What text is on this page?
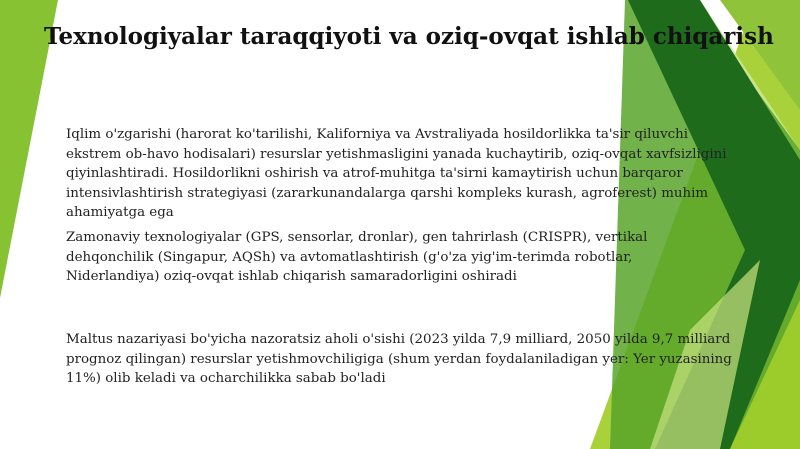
Texnologiyalar taraqqiyoti va oziq-ovqat ishlab chiqarish

Iqlim o'zgarishi (harorat ko'tarilishi, Kaliforniya va Avstraliyada hosildorlikka ta'sir qiluvchi ekstrem ob-havo hodisalari) resurslar yetishmasligini yanada kuchaytirib, oziq-ovqat xavfsizligini qiyinlashtiradi. Hosildorlikni oshirish va atrof-muhitga ta'sirni kamaytirish uchun barqaror intensivlashtirish strategiyasi (zararkunandalarga qarshi kompleks kurash, agroferest) muhim ahamiyatga ega

Zamonaviy texnologiyalar (GPS, sensorlar, dronlar), gen tahrirlash (CRISPR), vertikal dehqonchilik (Singapur, AQSh) va avtomatlashtirish (g'o'za yig'im-terimda robotlar, Niderlandiya) oziq-ovqat ishlab chiqarish samaradorligini oshiradi

Maltus nazariyasi bo'yicha nazoratsiz aholi o'sishi (2023 yilda 7,9 milliard, 2050 yilda 9,7 milliard prognoz qilingan) resurslar yetishmovchiligiga (shum yerdan foydalaniladigan yer: Yer yuzasining 11%) olib keladi va ocharchilikka sabab bo'ladi
